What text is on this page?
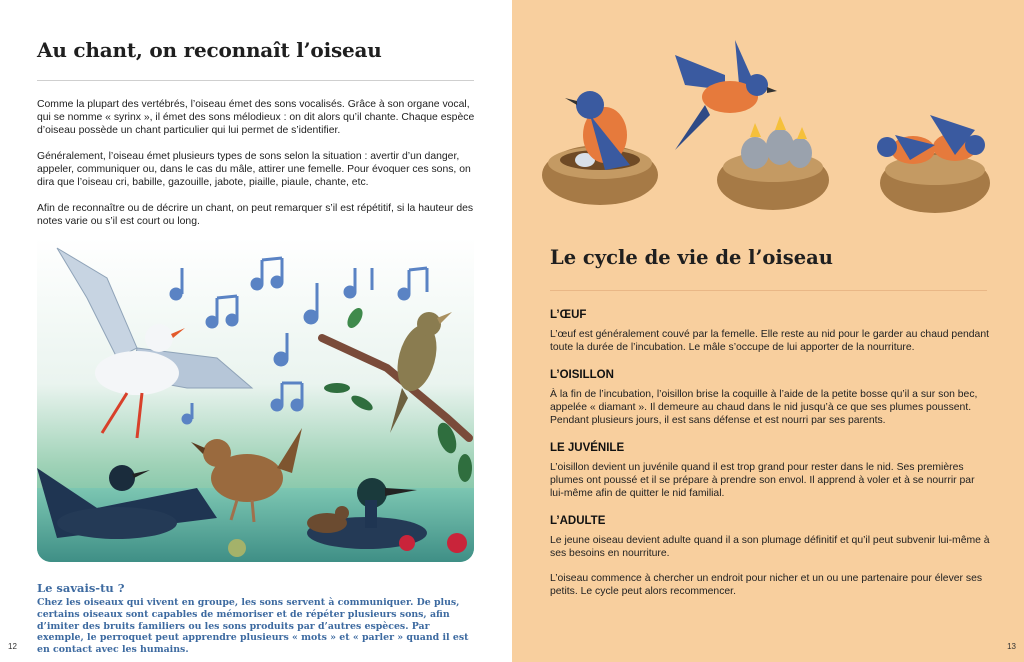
Au chant, on reconnaît l’oiseau

Comme la plupart des vertébrés, l’oiseau émet des sons vocalisés. Grâce à son organe vocal, qui se nomme « syrinx », il émet des sons mélodieux : on dit alors qu’il chante. Chaque espèce d’oiseau possède un chant particulier qui lui permet de s’identifier.

Généralement, l’oiseau émet plusieurs types de sons selon la situation : avertir d’un danger, appeler, communiquer ou, dans le cas du mâle, attirer une femelle. Pour évoquer ces sons, on dira que l’oiseau cri, babille, gazouille, jabote, piaille, piaule, chante, etc.

Afin de reconnaître ou de décrire un chant, on peut remarquer s’il est répétitif, si la hauteur des notes varie ou s’il est court ou long.

Le savais-tu ?

Chez les oiseaux qui vivent en groupe, les sons servent à communiquer. De plus, certains oiseaux sont capables de mémoriser et de répéter plusieurs sons, afin d’imiter des bruits familiers ou les sons produits par d’autres espèces. Par exemple, le perroquet peut apprendre plusieurs « mots » et « parler » quand il est en contact avec les humains.

12
Le cycle de vie de l’oiseau
L’ŒUF

L’œuf est généralement couvé par la femelle. Elle reste au nid pour le garder au chaud pendant toute la durée de l’incubation. Le mâle s’occupe de lui apporter de la nourriture.

L’OISILLON

À la fin de l’incubation, l’oisillon brise la coquille à l’aide de la petite bosse qu’il a sur son bec, appelée « diamant ». Il demeure au chaud dans le nid jusqu’à ce que ses plumes poussent. Pendant plusieurs jours, il est sans défense et est nourri par ses parents.

LE JUVÉNILE

L’oisillon devient un juvénile quand il est trop grand pour rester dans le nid. Ses premières plumes ont poussé et il se prépare à prendre son envol. Il apprend à voler et à se nourrir par lui-même afin de quitter le nid familial.

L’ADULTE

Le jeune oiseau devient adulte quand il a son plumage définitif et qu’il peut subvenir lui-même à ses besoins en nourriture.

L’oiseau commence à chercher un endroit pour nicher et un ou une partenaire pour élever ses petits. Le cycle peut alors recommencer.

13
